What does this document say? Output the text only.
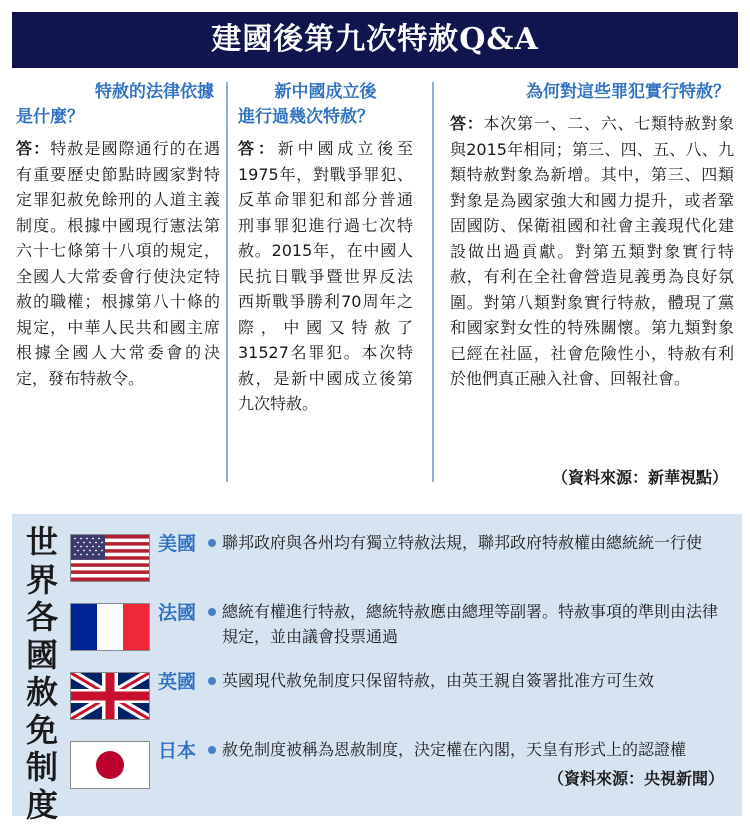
建國後第九次特赦Q&A
特赦的法律依據
是什麼？

答：特赦是國際通行的在遇有重要歷史節點時國家對特定罪犯赦免餘刑的人道主義制度。根據中國現行憲法第六十七條第十八項的規定，全國人大常委會行使決定特赦的職權；根據第八十條的規定，中華人民共和國主席根據全國人大常委會的決定，發布特赦令。

新中國成立後
進行過幾次特赦？

答：新中國成立後至1975年，對戰爭罪犯、反革命罪犯和部分普通刑事罪犯進行過七次特赦。2015年，在中國人民抗日戰爭暨世界反法西斯戰爭勝利70周年之際，中國又特赦了31527名罪犯。本次特赦，是新中國成立後第九次特赦。

為何對這些罪犯實行特赦？

答：本次第一、二、六、七類特赦對象與2015年相同；第三、四、五、八、九類特赦對象為新增。其中，第三、四類對象是為國家強大和國力提升，或者鞏固國防、保衛祖國和社會主義現代化建設做出過貢獻。對第五類對象實行特赦，有利在全社會營造見義勇為良好氛圍。對第八類對象實行特赦，體現了黨和國家對女性的特殊關懷。第九類對象已經在社區，社會危險性小，特赦有利於他們真正融入社會、回報社會。

（資料來源：新華視點）
世界各國赦免制度
美國 聯邦政府與各州均有獨立特赦法規，聯邦政府特赦權由總統統一行使
法國 總統有權進行特赦，總統特赦應由總理等副署。特赦事項的準則由法律規定，並由議會投票通過
英國 英國現代赦免制度只保留特赦，由英王親自簽署批准方可生效
日本 赦免制度被稱為恩赦制度，決定權在內閣，天皇有形式上的認證權
（資料來源：央視新聞）
